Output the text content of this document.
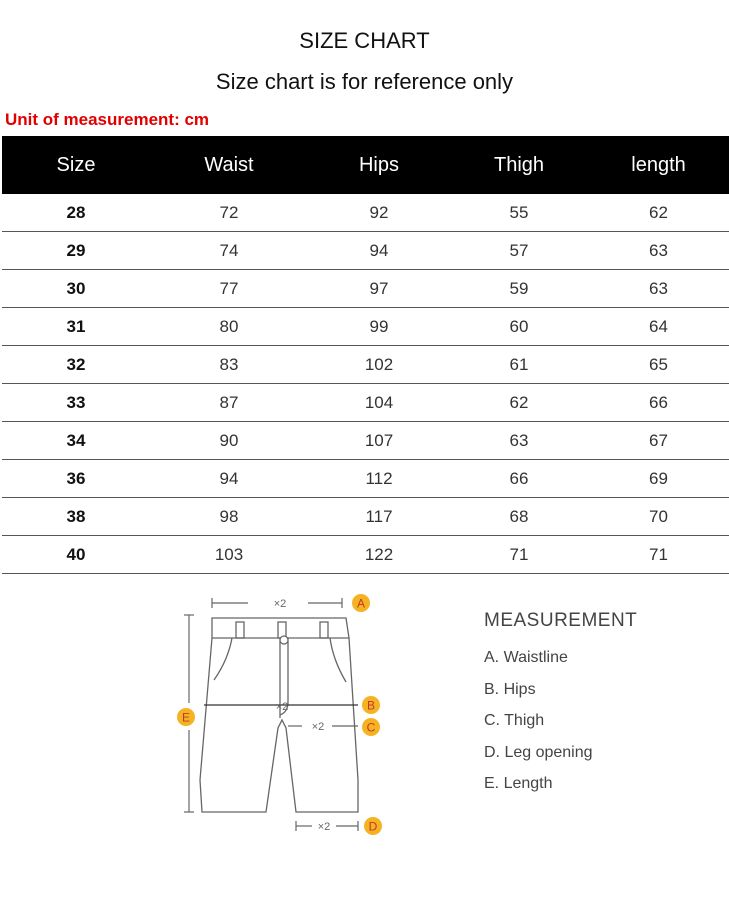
SIZE CHART
Size chart is for reference only
Unit of measurement: cm
Size	Waist	Hips	Thigh	length
28	72	92	55	62
29	74	94	57	63
30	77	97	59	63
31	80	99	60	64
32	83	102	61	65
33	87	104	62	66
34	90	107	63	67
36	94	112	66	69
38	98	117	68	70
40	103	122	71	71
×2
×2
×2
×2
A
B
C
D
E
MEASUREMENT
A. Waistline
B. Hips
C. Thigh
D. Leg opening
E. Length
